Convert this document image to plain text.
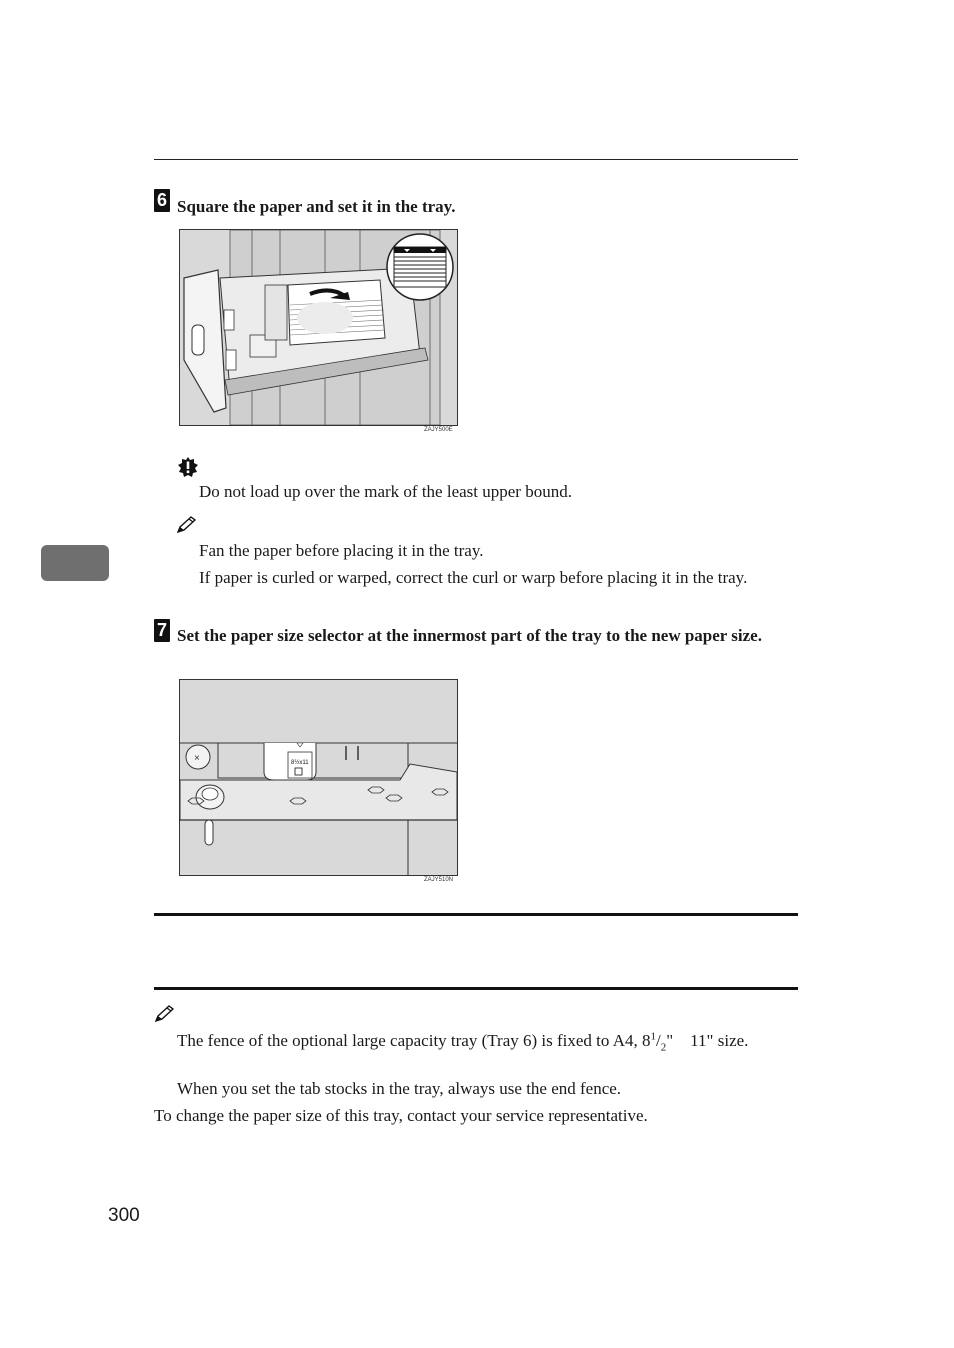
6 Square the paper and set it in the tray.
ZAJY500E
Do not load up over the mark of the least upper bound.
Fan the paper before placing it in the tray.
If paper is curled or warped, correct the curl or warp before placing it in the tray.
7 Set the paper size selector at the innermost part of the tray to the new paper size.
8½x11
×
ZAJY510N
The fence of the optional large capacity tray (Tray 6) is fixed to A4, $8^1/_2$"    11" size.
When you set the tab stocks in the tray, always use the end fence.
To change the paper size of this tray, contact your service representative.
300
